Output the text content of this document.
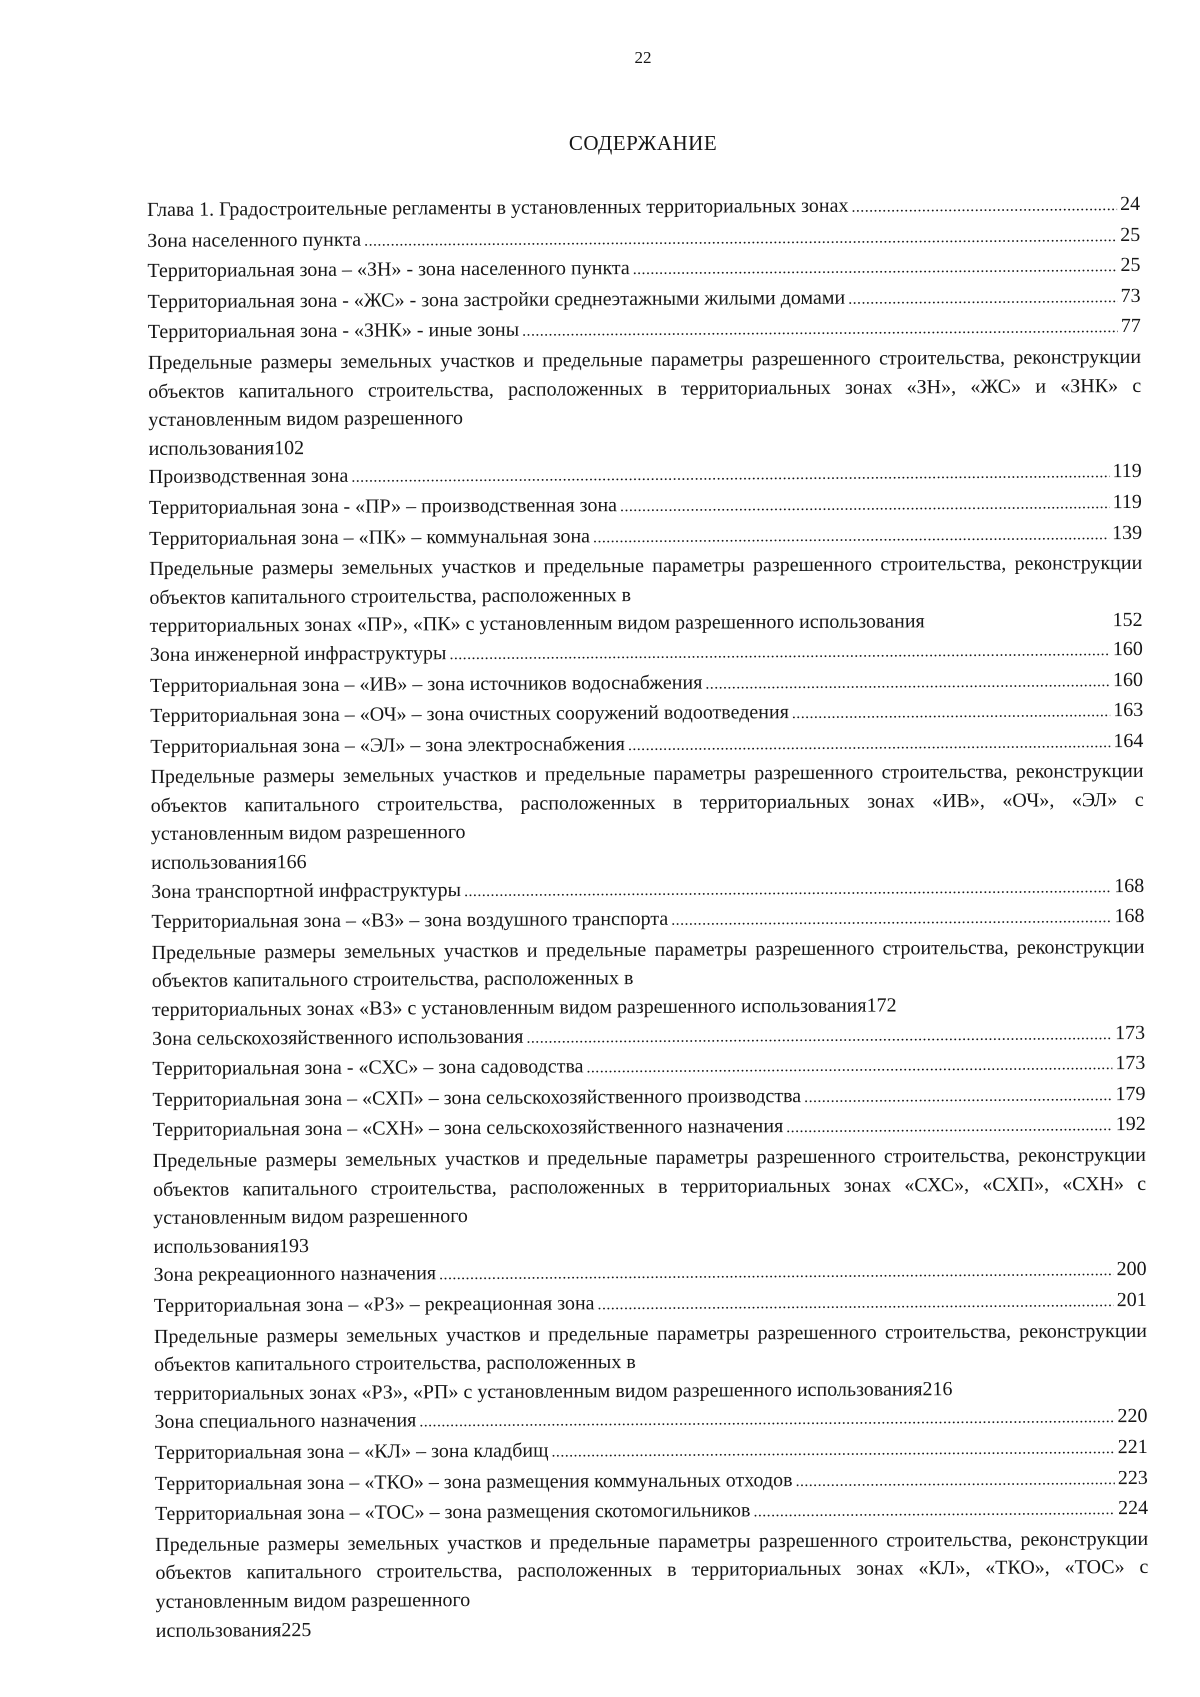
22
СОДЕРЖАНИЕ
Глава 1. Градостроительные регламенты в установленных территориальных зонах .....	24
Зона населенного пункта .....	25
Территориальная зона – «ЗН» - зона населенного пункта .....	25
Территориальная зона - «ЖС» - зона застройки среднеэтажными жилыми домами .....	73
Территориальная зона - «ЗНК» - иные зоны .....	77
Предельные размеры земельных участков и предельные параметры разрешенного строительства, реконструкции объектов капитального строительства, расположенных в территориальных зонах «ЗН», «ЖС» и «ЗНК» с установленным видом разрешенного
использования 102
Производственная зона .....	119
Территориальная зона - «ПР» – производственная зона .....	119
Территориальная зона – «ПК» – коммунальная зона .....	139
Предельные размеры земельных участков и предельные параметры разрешенного строительства, реконструкции объектов капитального строительства, расположенных в
территориальных зонах «ПР», «ПК» с установленным видом разрешенного использования	152
Зона инженерной инфраструктуры .....	160
Территориальная зона – «ИВ» – зона источников водоснабжения .....	160
Территориальная зона – «ОЧ» – зона очистных сооружений водоотведения .....	163
Территориальная зона – «ЭЛ» – зона электроснабжения .....	164
Предельные размеры земельных участков и предельные параметры разрешенного строительства, реконструкции объектов капитального строительства, расположенных в территориальных зонах «ИВ», «ОЧ», «ЭЛ» с установленным видом разрешенного
использования 166
Зона транспортной инфраструктуры .....	168
Территориальная зона – «ВЗ» – зона воздушного транспорта .....	168
Предельные размеры земельных участков и предельные параметры разрешенного строительства, реконструкции объектов капитального строительства, расположенных в
территориальных зонах «ВЗ» с установленным видом разрешенного использования 172
Зона сельскохозяйственного использования .....	173
Территориальная зона - «СХС» – зона садоводства .....	173
Территориальная зона – «СХП» – зона сельскохозяйственного производства .....	179
Территориальная зона – «СХН» – зона сельскохозяйственного назначения .....	192
Предельные размеры земельных участков и предельные параметры разрешенного строительства, реконструкции объектов капитального строительства, расположенных в территориальных зонах «СХС», «СХП», «СХН» с установленным видом разрешенного
использования 193
Зона рекреационного назначения .....	200
Территориальная зона – «РЗ» – рекреационная зона .....	201
Предельные размеры земельных участков и предельные параметры разрешенного строительства, реконструкции объектов капитального строительства, расположенных в
территориальных зонах «РЗ», «РП» с установленным видом разрешенного использования 216
Зона специального назначения .....	220
Территориальная зона – «КЛ» – зона кладбищ .....	221
Территориальная зона – «ТКО» – зона размещения коммунальных отходов .....	223
Территориальная зона – «ТОС» – зона размещения скотомогильников .....	224
Предельные размеры земельных участков и предельные параметры разрешенного строительства, реконструкции объектов капитального строительства, расположенных в территориальных зонах «КЛ», «ТКО», «ТОС» с установленным видом разрешенного
использования 225
